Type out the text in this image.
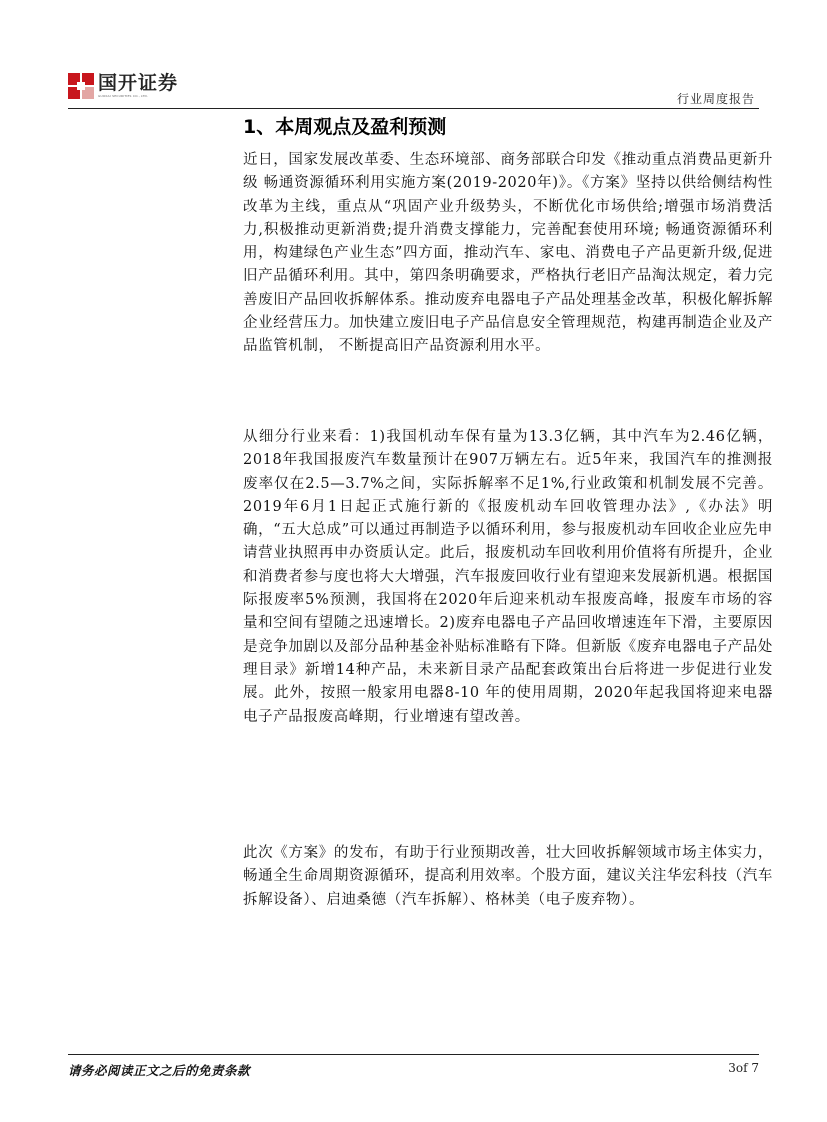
国开证券
GUOKAI SECURITIES CO., LTD.	行业周度报告
1、本周观点及盈利预测

近日，国家发展改革委、生态环境部、商务部联合印发《推动重点消费品更新升级 畅通资源循环利用实施方案(2019-2020年)》。《方案》坚持以供给侧结构性改革为主线，重点从“巩固产业升级势头，不断优化市场供给;增强市场消费活力,积极推动更新消费;提升消费支撑能力，完善配套使用环境; 畅通资源循环利用，构建绿色产业生态”四方面，推动汽车、家电、消费电子产品更新升级,促进旧产品循环利用。其中，第四条明确要求，严格执行老旧产品淘汰规定，着力完善废旧产品回收拆解体系。推动废弃电器电子产品处理基金改革，积极化解拆解企业经营压力。加快建立废旧电子产品信息安全管理规范，构建再制造企业及产品监管机制， 不断提高旧产品资源利用水平。

从细分行业来看：1)我国机动车保有量为13.3亿辆，其中汽车为2.46亿辆，2018年我国报废汽车数量预计在907万辆左右。近5年来，我国汽车的推测报废率仅在2.5—3.7%之间，实际拆解率不足1%,行业政策和机制发展不完善。2019年6月1日起正式施行新的《报废机动车回收管理办法》,《办法》明确，“五大总成”可以通过再制造予以循环利用，参与报废机动车回收企业应先申请营业执照再申办资质认定。此后，报废机动车回收利用价值将有所提升，企业和消费者参与度也将大大增强，汽车报废回收行业有望迎来发展新机遇。根据国际报废率5%预测，我国将在2020年后迎来机动车报废高峰，报废车市场的容量和空间有望随之迅速增长。2)废弃电器电子产品回收增速连年下滑，主要原因是竞争加剧以及部分品种基金补贴标准略有下降。但新版《废弃电器电子产品处理目录》新增14种产品，未来新目录产品配套政策出台后将进一步促进行业发展。此外，按照一般家用电器8-10 年的使用周期，2020年起我国将迎来电器电子产品报废高峰期，行业增速有望改善。

此次《方案》的发布，有助于行业预期改善，壮大回收拆解领域市场主体实力，畅通全生命周期资源循环，提高利用效率。个股方面，建议关注华宏科技（汽车拆解设备）、启迪桑德（汽车拆解）、格林美（电子废弃物）。

请务必阅读正文之后的免责条款	3of 7
